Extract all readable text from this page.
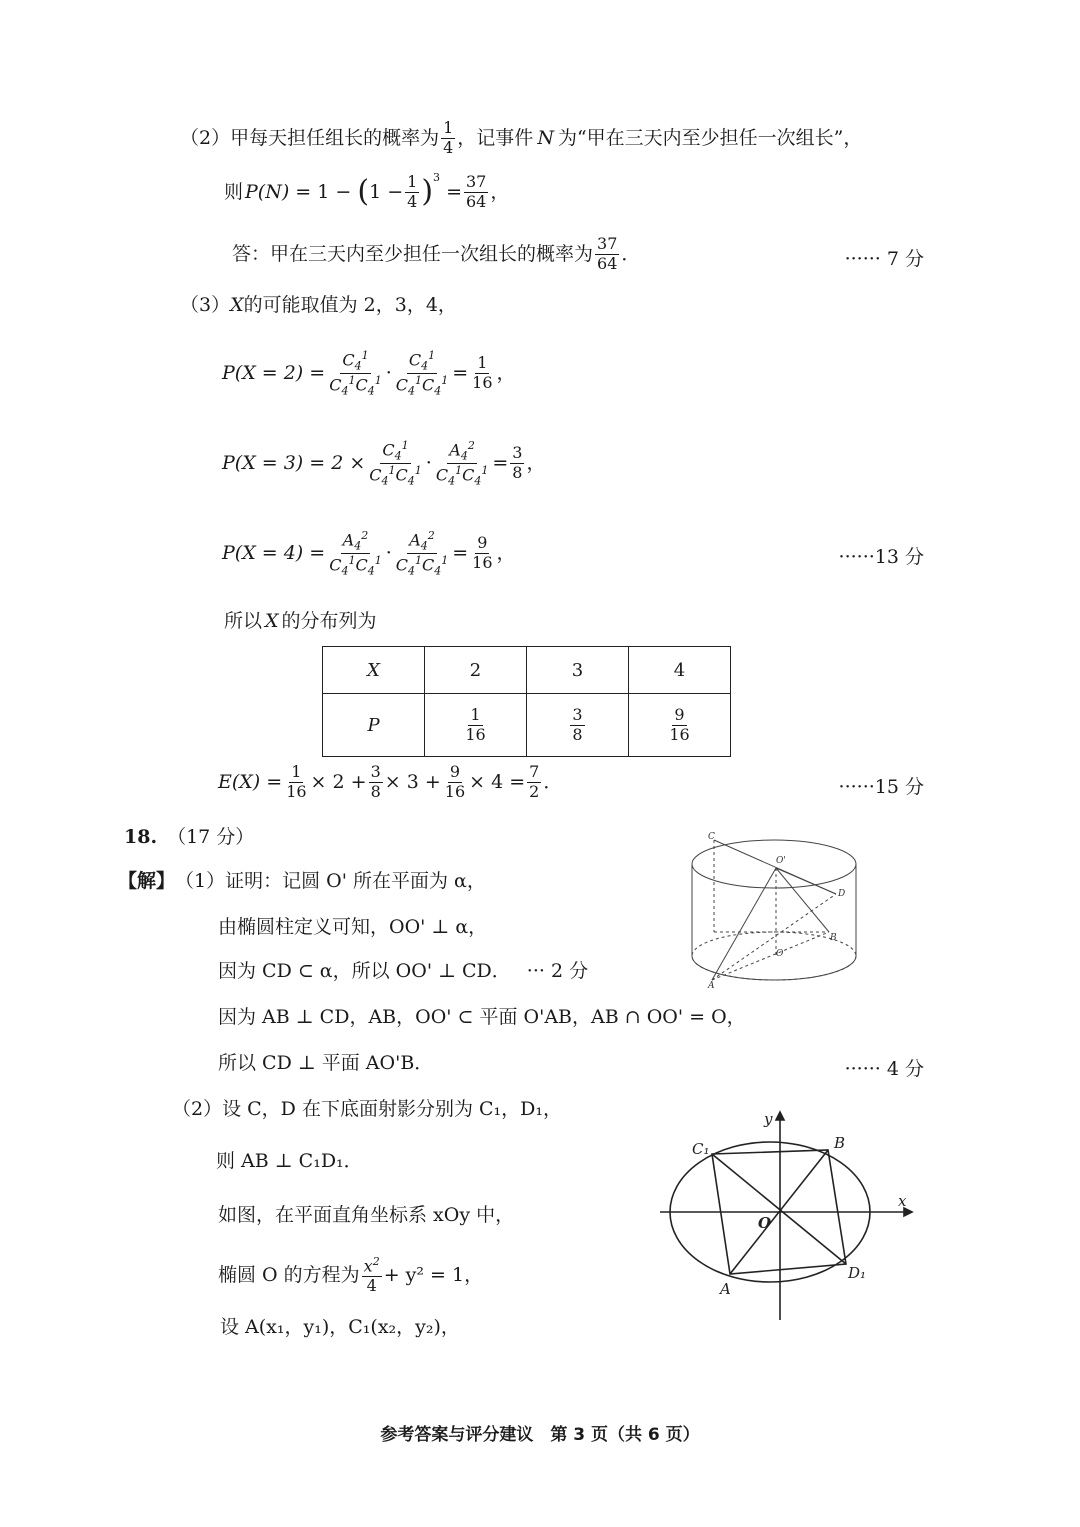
（2） 甲每天担任组长的概率为 1
4 ，记事件 N 为“甲在三天内至少担任一次组长”，
则 P(N) = 1 − ( $1 - \frac{1}{4} )^3$
= $\frac{37}{64}$ ，
答：甲在三天内至少担任一次组长的概率为 37
64 ．	······ 7 分
（3） X 的可能取值为 2，3，4，
$P(X = 2) = \frac{C_4^1}{C_4^1C_4^1} \cdot \frac{C_4^1}{C_4^1C_4^1} = \frac{1}{16}$ ，
$P(X = 3) = 2 \times \frac{C_4^1}{C_4^1C_4^1} \cdot \frac{A_4^2}{C_4^1C_4^1} = \frac{3}{8}$ ，
$P(X = 4) = \frac{A_4^2}{C_4^1C_4^1} \cdot \frac{A_4^2}{C_4^1C_4^1} = \frac{9}{16}$ ，	······13 分
所以 X 的分布列为
X	2	3	4
P	$\frac{1}{16}$	$\frac{3}{8}$	$\frac{9}{16}$
$E(X) = \frac{1}{16} \times 2 + \frac{3}{8} \times 3 + \frac{9}{16} \times 4 = \frac{7}{2}$ ．	······15 分
18. （17 分）
【解】 （1） 证明：记圆 O' 所在平面为 α，
由椭圆柱定义可知，OO' ⊥ α，
因为 CD ⊂ α，所以 OO' ⊥ CD． ··· 2 分
因为 AB ⊥ CD，AB，OO' ⊂ 平面 O'AB，AB ∩ OO' = O，
所以 CD ⊥ 平面 AO'B．	······ 4 分
（2） 设 C，D 在下底面射影分别为 C₁，D₁，
则 AB ⊥ C₁D₁．
如图，在平面直角坐标系 xOy 中，
椭圆 O 的方程为 $x^2$
4 + y² = 1，
设 A(x₁，y₁)，C₁(x₂，y₂)，
C
O'
D
B
O
A
y
x
C₁	B
O
A
D₁
参考答案与评分建议　第 3 页（共 6 页）
